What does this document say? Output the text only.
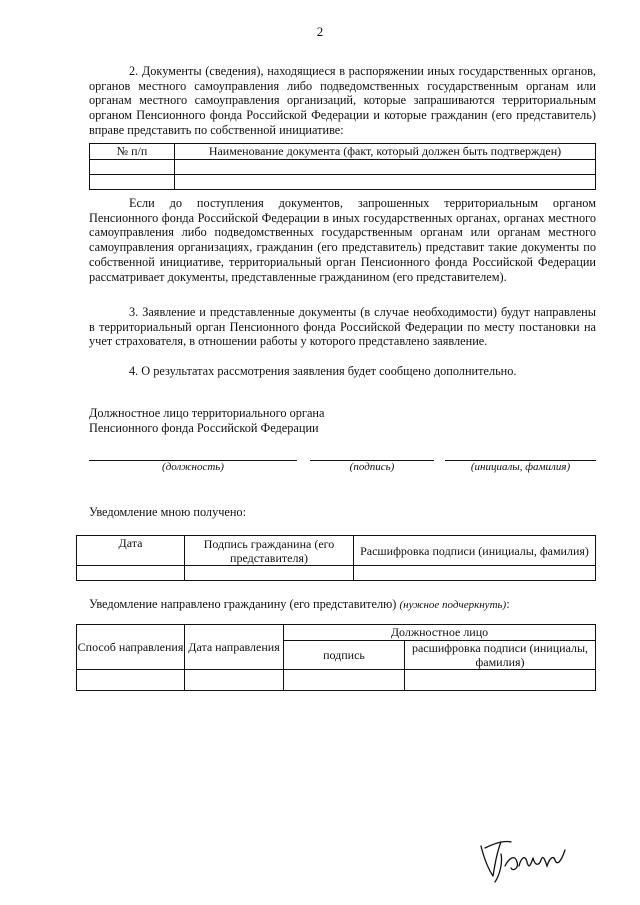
2

2. Документы (сведения), находящиеся в распоряжении иных государственных органов, органов местного самоуправления либо подведомственных государственным органам или органам местного самоуправления организаций, которые запрашиваются территориальным органом Пенсионного фонда Российской Федерации и которые гражданин (его представитель) вправе представить по собственной инициативе:

№ п/п	Наименование документа (факт, который должен быть подтвержден)

Если до поступления документов, запрошенных территориальным органом Пенсионного фонда Российской Федерации в иных государственных органах, органах местного самоуправления либо подведомственных государственным органам или органам местного самоуправления организациях, гражданин (его представитель) представит такие документы по собственной инициативе, территориальный орган Пенсионного фонда Российской Федерации рассматривает документы, представленные гражданином (его представителем).

3. Заявление и представленные документы (в случае необходимости) будут направлены в территориальный орган Пенсионного фонда Российской Федерации по месту постановки на учет страхователя, в отношении работы у которого представлено заявление.

4. О результатах рассмотрения заявления будет сообщено дополнительно.

Должностное лицо территориального органа
Пенсионного фонда Российской Федерации
(должность)	(подпись)	(инициалы, фамилия)
Уведомление мною получено:
Дата	Подпись гражданина (его представителя)	Расшифровка подписи (инициалы, фамилия)

Уведомление направлено гражданину (его представителю) (нужное подчеркнуть):
Способ направления	Дата направления	Должностное лицо	
		подпись	расшифровка подписи (инициалы, фамилия)
